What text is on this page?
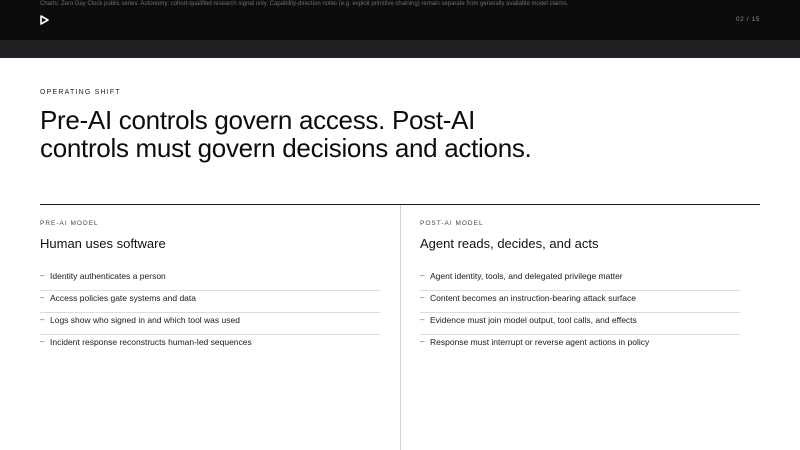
Charts: Zero Day Clock public series. Autonomy: cohort-qualified research signal only. Capability-direction notes (e.g. exploit primitive chaining) remain separate from generally available model claims.
02 / 15
OPERATING SHIFT
Pre-AI controls govern access. Post-AI controls must govern decisions and actions.
PRE-AI MODEL
Human uses software
– Identity authenticates a person
– Access policies gate systems and data
– Logs show who signed in and which tool was used
– Incident response reconstructs human-led sequences
POST-AI MODEL
Agent reads, decides, and acts
– Agent identity, tools, and delegated privilege matter
– Content becomes an instruction-bearing attack surface
– Evidence must join model output, tool calls, and effects
– Response must interrupt or reverse agent actions in policy
